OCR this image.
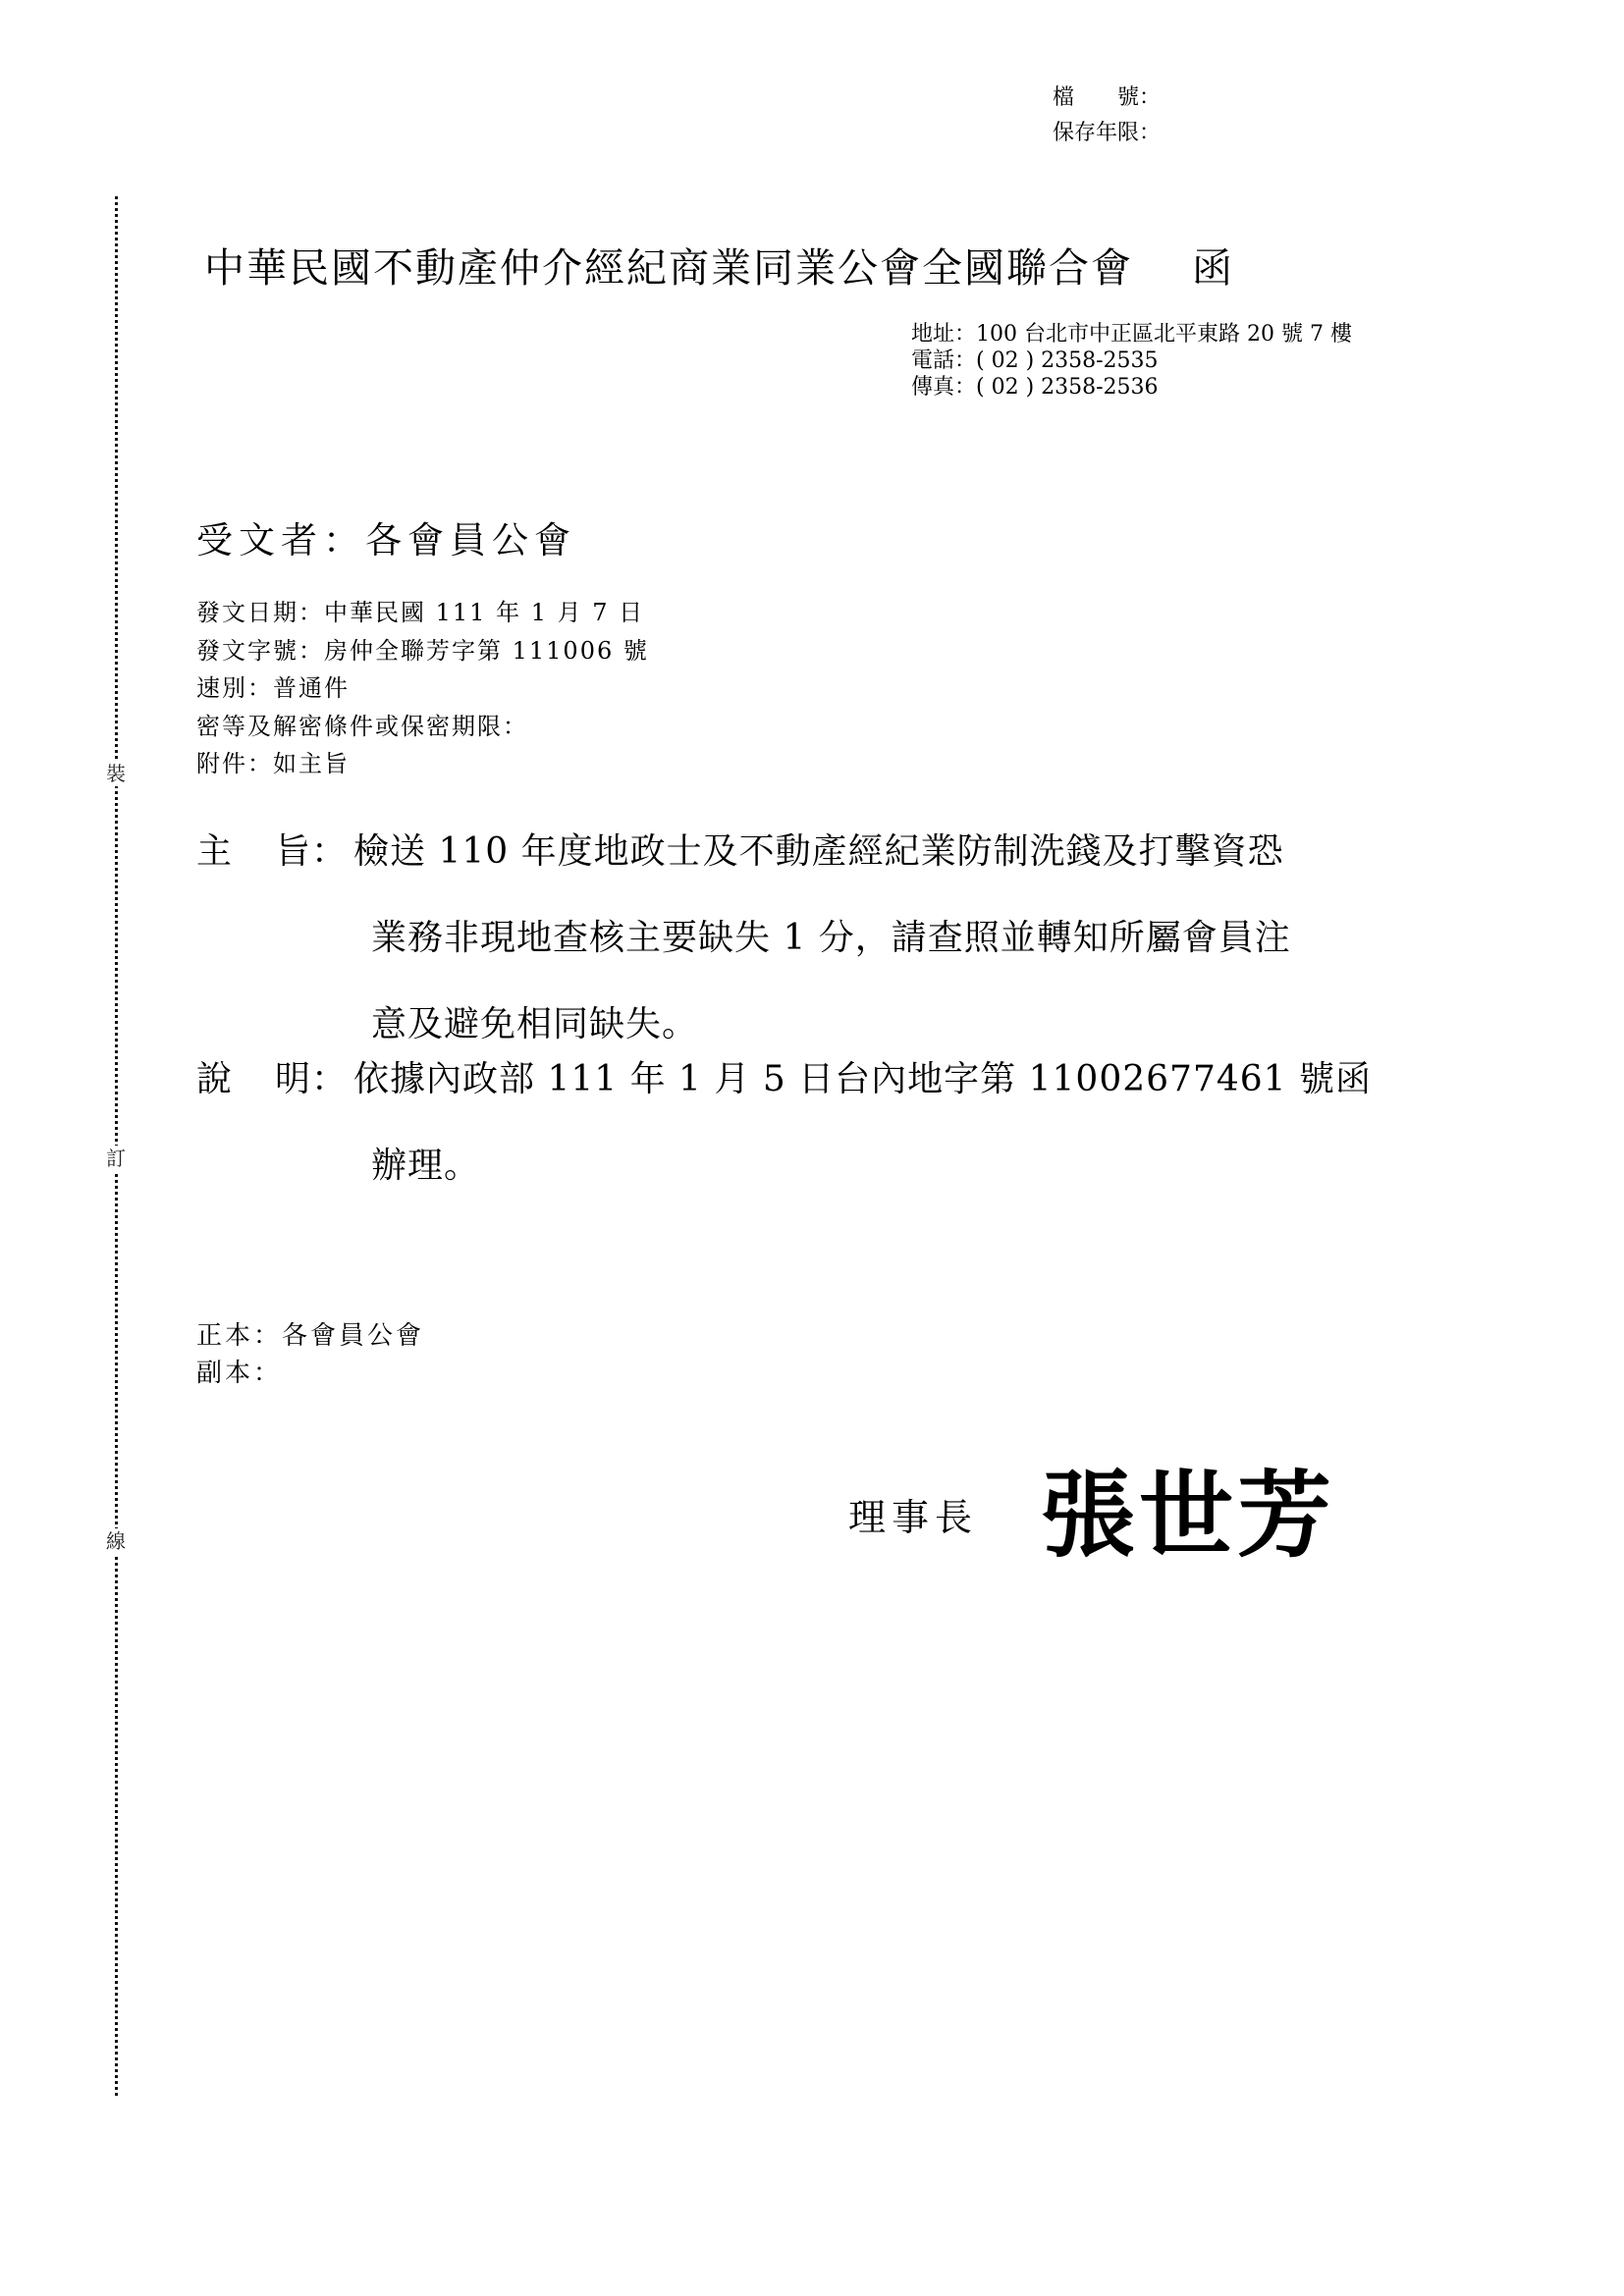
檔　　號：
保存年限：
裝
訂
線
中華民國不動產仲介經紀商業同業公會全國聯合會 函
地址：100 台北市中正區北平東路 20 號 7 樓
電話：( 02 ) 2358-2535
傳真：( 02 ) 2358-2536
受文者：各會員公會
發文日期：中華民國 111 年 1 月 7 日
發文字號：房仲全聯芳字第 111006 號
速別：普通件
密等及解密條件或保密期限：
附件：如主旨
主 旨： 檢送 110 年度地政士及不動產經紀業防制洗錢及打擊資恐
業務非現地查核主要缺失 1 分，請查照並轉知所屬會員注
意及避免相同缺失。
說 明： 依據內政部 111 年 1 月 5 日台內地字第 11002677461 號函
辦理。
正本：各會員公會
副本：
理事長 張世芳
